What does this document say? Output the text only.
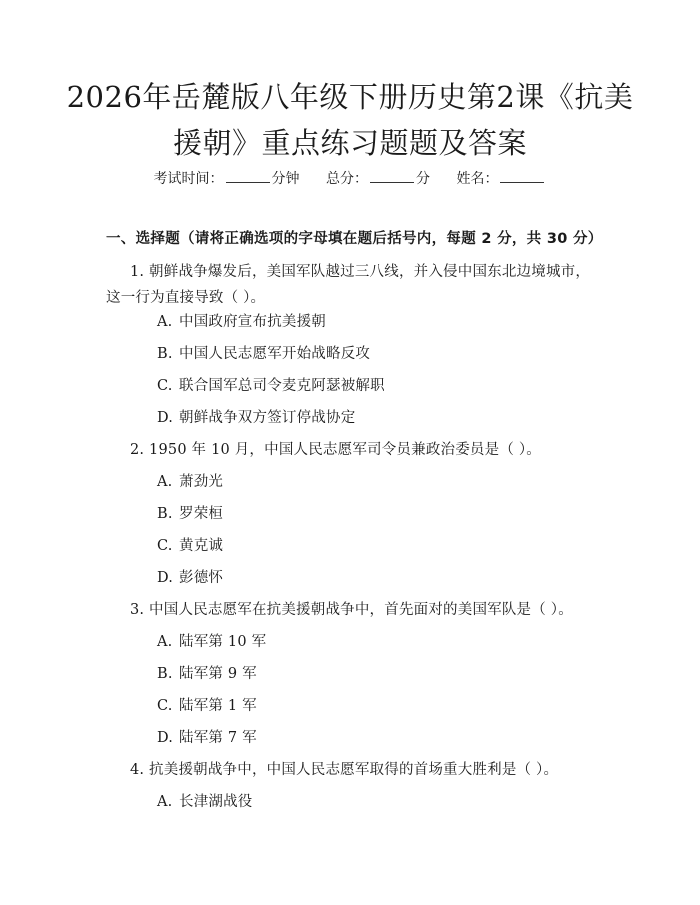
2026年岳麓版八年级下册历史第2课《抗美
援朝》重点练习题题及答案
考试时间：	分钟 总分：	分 姓名：
一、选择题（请将正确选项的字母填在题后括号内，每题 2 分，共 30 分）
1. 朝鲜战争爆发后，美国军队越过三八线，并入侵中国东北边境城市，这一行为直接导致（ ）。
A. 中国政府宣布抗美援朝
B. 中国人民志愿军开始战略反攻
C. 联合国军总司令麦克阿瑟被解职
D. 朝鲜战争双方签订停战协定
2. 1950 年 10 月，中国人民志愿军司令员兼政治委员是（ ）。
A. 萧劲光
B. 罗荣桓
C. 黄克诚
D. 彭德怀
3. 中国人民志愿军在抗美援朝战争中，首先面对的美国军队是（ ）。
A. 陆军第 10 军
B. 陆军第 9 军
C. 陆军第 1 军
D. 陆军第 7 军
4. 抗美援朝战争中，中国人民志愿军取得的首场重大胜利是（ ）。
A. 长津湖战役
